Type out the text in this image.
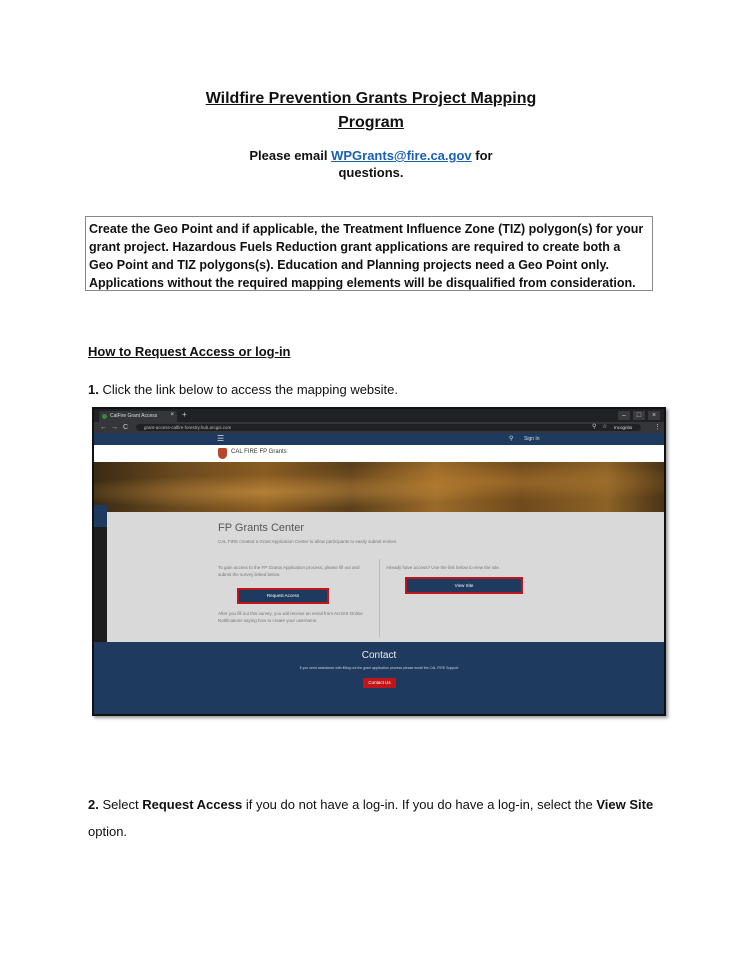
Wildfire Prevention Grants Project Mapping
Program
Please email WPGrants@fire.ca.gov for
questions.
Create the Geo Point and if applicable, the Treatment Influence Zone (TIZ) polygon(s) for your grant project. Hazardous Fuels Reduction grant applications are required to create both a Geo Point and TIZ polygons(s). Education and Planning projects need a Geo Point only. Applications without the required mapping elements will be disqualified from consideration.
How to Request Access or log-in
1. Click the link below to access the mapping website.
CalFire Grant Access × +	–	□	×
← → C	grant-access-calfire-forestry.hub.arcgis.com	⚲ ☆ Incognito	⋮
☰	⚲ Sign In
CAL FIRE FP Grants
FP Grants Center
CAL FIRE created a Grant Application Center to allow participants to easily submit entries.
To gain access to the FP Grants Application process, please fill out and submit the survey linked below.
Request Access
After you fill out this survey, you will receive an email from ArcGIS Online Notifications saying how to create your username.
Already have access? Use the link below to view the site.
View Site
Contact
If you need assistance with filling out the grant application process please email the CAL FIRE Support
Contact Us
2. Select Request Access if you do not have a log-in. If you do have a log-in, select the View Site option.
